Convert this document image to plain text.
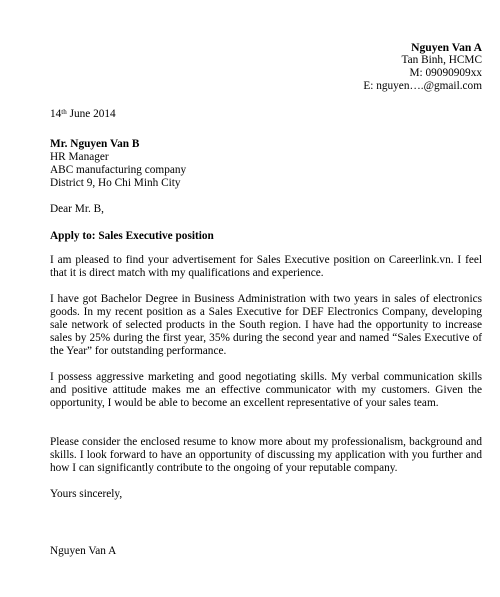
Nguyen Van A
Tan Binh, HCMC
M: 09090909xx
E: nguyen….@gmail.com
14th June 2014
Mr. Nguyen Van B
HR Manager
ABC manufacturing company
District 9, Ho Chi Minh City
Dear Mr. B,
Apply to: Sales Executive position

I am pleased to find your advertisement for Sales Executive position on Careerlink.vn. I feel that it is direct match with my qualifications and experience.

I have got Bachelor Degree in Business Administration with two years in sales of electronics goods. In my recent position as a Sales Executive for DEF Electronics Company, developing sale network of selected products in the South region. I have had the opportunity to increase sales by 25% during the first year, 35% during the second year and named “Sales Executive of the Year” for outstanding performance.

I possess aggressive marketing and good negotiating skills. My verbal communication skills and positive attitude makes me an effective communicator with my customers. Given the opportunity, I would be able to become an excellent representative of your sales team.

Please consider the enclosed resume to know more about my professionalism, background and skills. I look forward to have an opportunity of discussing my application with you further and how I can significantly contribute to the ongoing of your reputable company.

Yours sincerely,
Nguyen Van A
